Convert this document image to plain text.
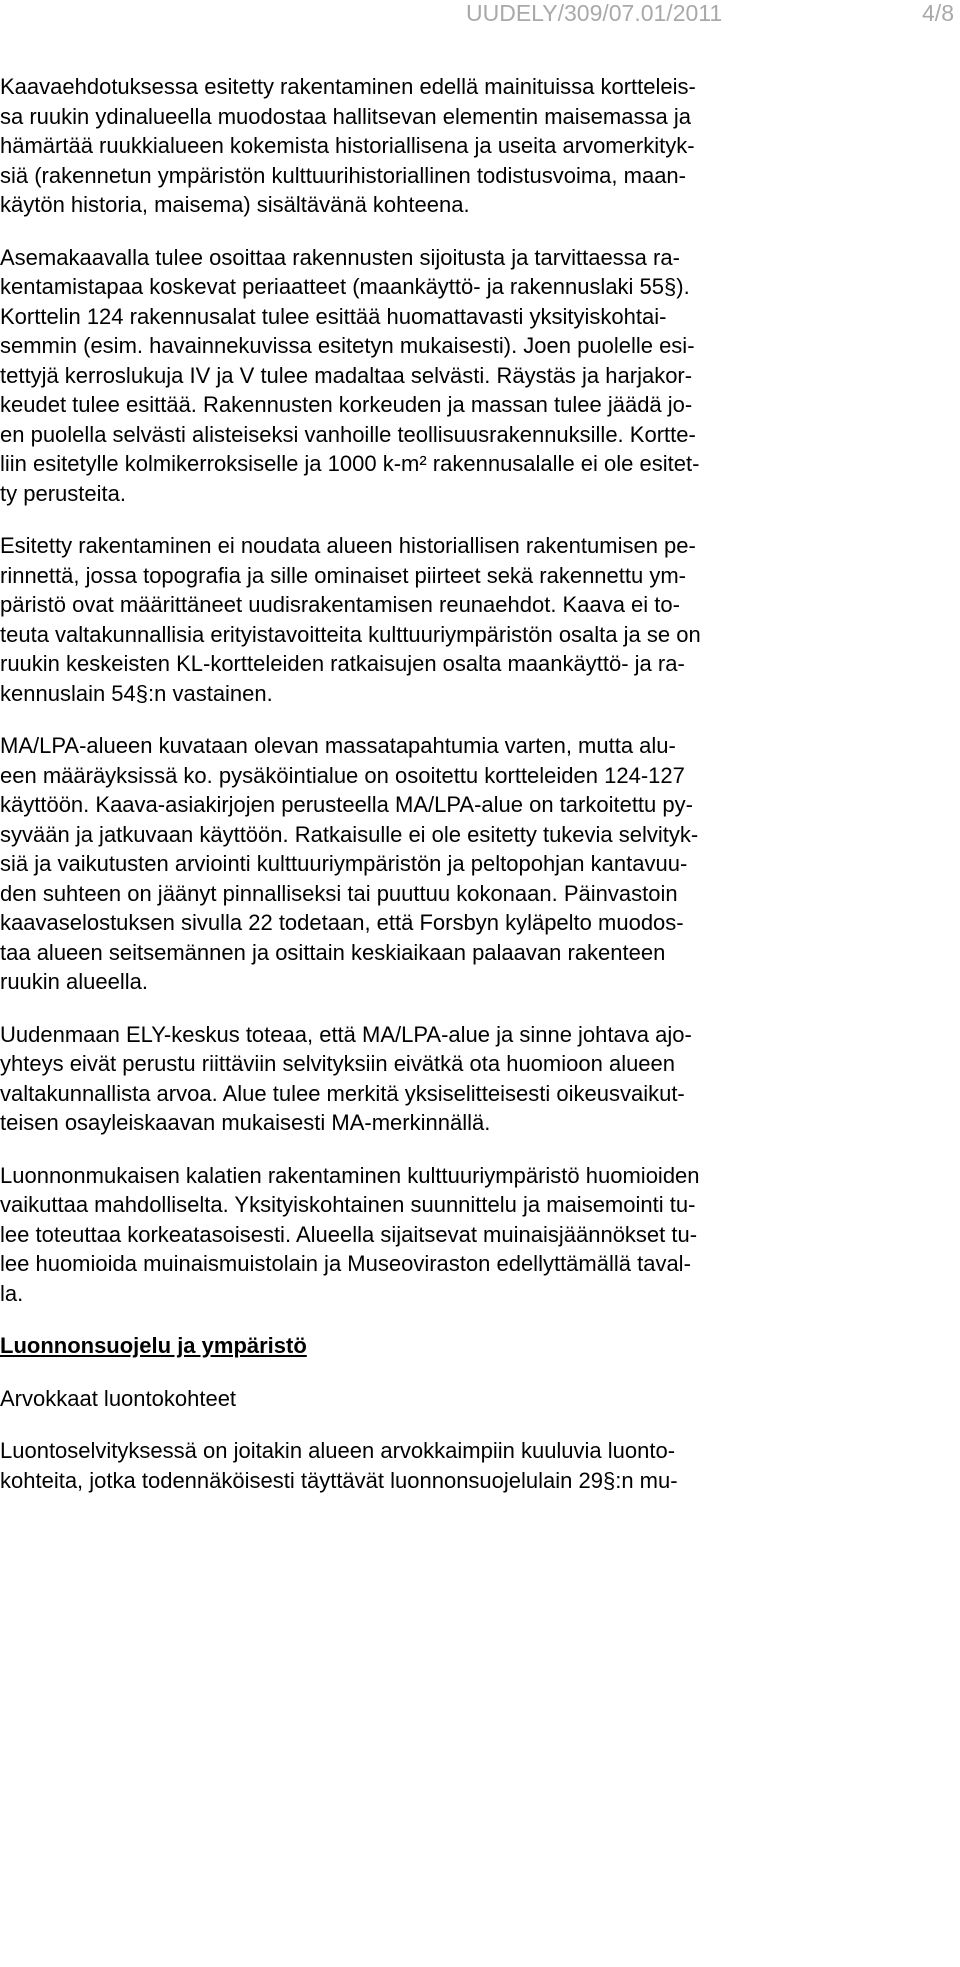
UUDELY/309/07.01/2011	4/8

Kaavaehdotuksessa esitetty rakentaminen edellä mainituissa kortteleis-
sa ruukin ydinalueella muodostaa hallitsevan elementin maisemassa ja
hämärtää ruukkialueen kokemista historiallisena ja useita arvomerkityk-
siä (rakennetun ympäristön kulttuurihistoriallinen todistusvoima, maan-
käytön historia, maisema) sisältävänä kohteena.

Asemakaavalla tulee osoittaa rakennusten sijoitusta ja tarvittaessa ra-
kentamistapaa koskevat periaatteet (maankäyttö- ja rakennuslaki 55§).
Korttelin 124 rakennusalat tulee esittää huomattavasti yksityiskohtai-
semmin (esim. havainnekuvissa esitetyn mukaisesti). Joen puolelle esi-
tettyjä kerroslukuja IV ja V tulee madaltaa selvästi. Räystäs ja harjakor-
keudet tulee esittää. Rakennusten korkeuden ja massan tulee jäädä jo-
en puolella selvästi alisteiseksi vanhoille teollisuusrakennuksille. Kortte-
liin esitetylle kolmikerroksiselle ja 1000 k-m² rakennusalalle ei ole esitet-
ty perusteita.

Esitetty rakentaminen ei noudata alueen historiallisen rakentumisen pe-
rinnettä, jossa topografia ja sille ominaiset piirteet sekä rakennettu ym-
päristö ovat määrittäneet uudisrakentamisen reunaehdot. Kaava ei to-
teuta valtakunnallisia erityistavoitteita kulttuuriympäristön osalta ja se on
ruukin keskeisten KL-kortteleiden ratkaisujen osalta maankäyttö- ja ra-
kennuslain 54§:n vastainen.

MA/LPA-alueen kuvataan olevan massatapahtumia varten, mutta alu-
een määräyksissä ko. pysäköintialue on osoitettu kortteleiden 124-127
käyttöön. Kaava-asiakirjojen perusteella MA/LPA-alue on tarkoitettu py-
syvään ja jatkuvaan käyttöön. Ratkaisulle ei ole esitetty tukevia selvityk-
siä ja vaikutusten arviointi kulttuuriympäristön ja peltopohjan kantavuu-
den suhteen on jäänyt pinnalliseksi tai puuttuu kokonaan. Päinvastoin
kaavaselostuksen sivulla 22 todetaan, että Forsbyn kyläpelto muodos-
taa alueen seitsemännen ja osittain keskiaikaan palaavan rakenteen
ruukin alueella.

Uudenmaan ELY-keskus toteaa, että MA/LPA-alue ja sinne johtava ajo-
yhteys eivät perustu riittäviin selvityksiin eivätkä ota huomioon alueen
valtakunnallista arvoa. Alue tulee merkitä yksiselitteisesti oikeusvaikut-
teisen osayleiskaavan mukaisesti MA-merkinnällä.

Luonnonmukaisen kalatien rakentaminen kulttuuriympäristö huomioiden
vaikuttaa mahdolliselta. Yksityiskohtainen suunnittelu ja maisemointi tu-
lee toteuttaa korkeatasoisesti. Alueella sijaitsevat muinaisjäännökset tu-
lee huomioida muinaismuistolain ja Museoviraston edellyttämällä taval-
la.

Luonnonsuojelu ja ympäristö

Arvokkaat luontokohteet

Luontoselvityksessä on joitakin alueen arvokkaimpiin kuuluvia luonto-
kohteita, jotka todennäköisesti täyttävät luonnonsuojelulain 29§:n mu-
